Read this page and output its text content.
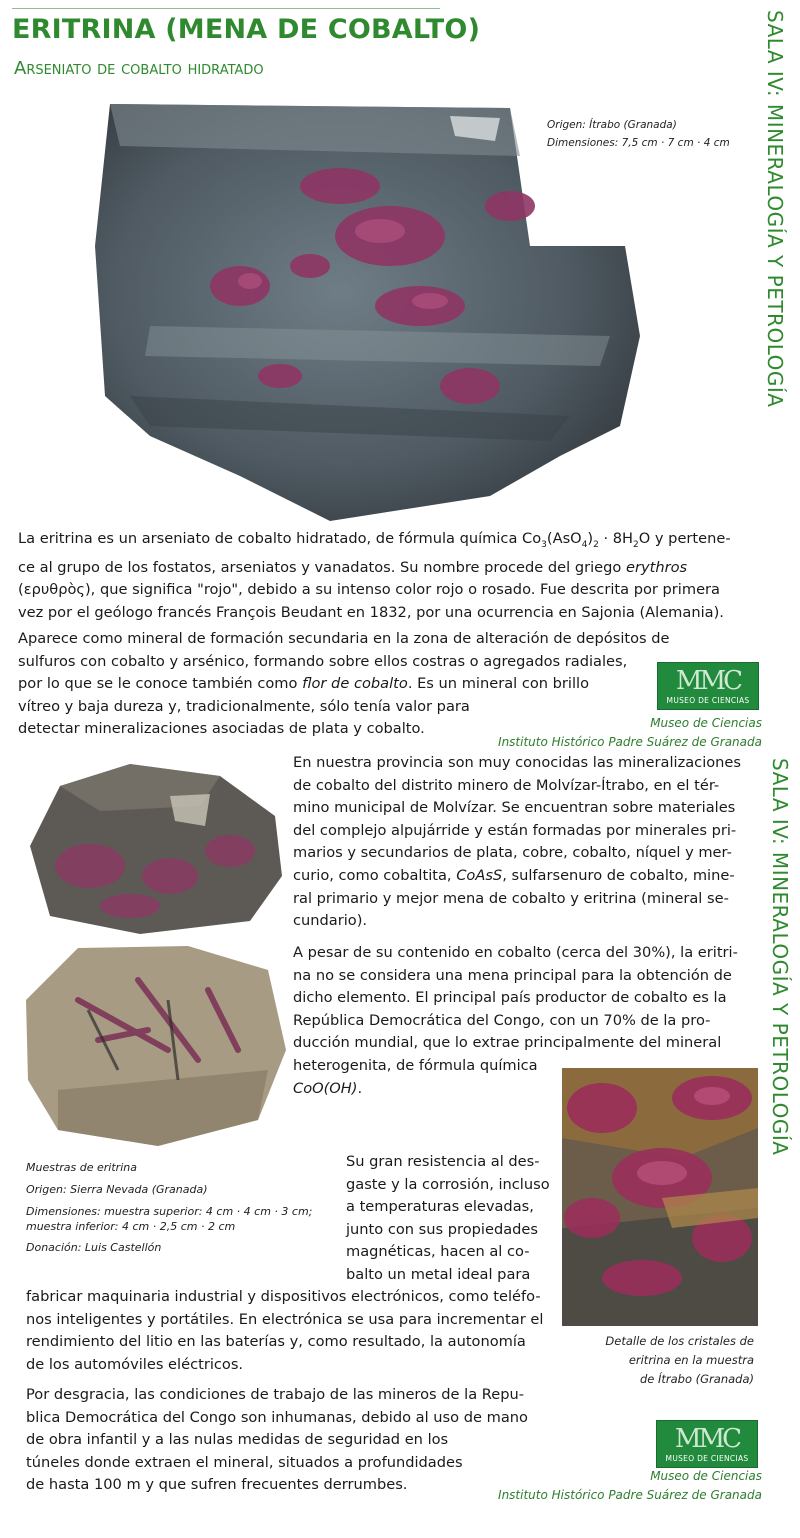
ERITRINA (MENA DE COBALTO)
Arseniato de cobalto hidratado	SALA IV: MINERALOGÍA Y PETROLOGÍA
SALA IV: MINERALOGÍA Y PETROLOGÍA
Origen: Ítrabo (Granada)
Dimensiones: 7,5 cm · 7 cm · 4 cm
La eritrina es un arseniato de cobalto hidratado, de fórmula química $Co_3(AsO_4)_2 \cdot 8H_2O$ y pertene-
ce al grupo de los fostatos, arseniatos y vanadatos. Su nombre procede del griego erythros
(ερυθρὸς), que significa "rojo", debido a su intenso color rojo o rosado. Fue descrita por primera
vez por el geólogo francés François Beudant en 1832, por una ocurrencia en Sajonia (Alemania).
Aparece como mineral de formación secundaria en la zona de alteración de depósitos de
sulfuros con cobalto y arsénico, formando sobre ellos costras o agregados radiales,
por lo que se le conoce también como flor de cobalto. Es un mineral con brillo
vítreo y baja dureza y, tradicionalmente, sólo tenía valor para
detectar mineralizaciones asociadas de plata y cobalto.
MMC
MUSEO DE CIENCIAS
Museo de Ciencias
Instituto Histórico Padre Suárez de Granada
En nuestra provincia son muy conocidas las mineralizaciones
de cobalto del distrito minero de Molvízar-Ítrabo, en el tér-
mino municipal de Molvízar. Se encuentran sobre materiales
del complejo alpujárride y están formadas por minerales pri-
marios y secundarios de plata, cobre, cobalto, níquel y mer-
curio, como cobaltita, CoAsS, sulfarsenuro de cobalto, mine-
ral primario y mejor mena de cobalto y eritrina (mineral se-
cundario).
A pesar de su contenido en cobalto (cerca del 30%), la eritri-
na no se considera una mena principal para la obtención de
dicho elemento. El principal país productor de cobalto es la
República Democrática del Congo, con un 70% de la pro-
ducción mundial, que lo extrae principalmente del mineral
heterogenita, de fórmula química
CoO(OH).
Muestras de eritrina
Origen: Sierra Nevada (Granada)
Dimensiones: muestra superior: 4 cm · 4 cm · 3 cm;
muestra inferior: 4 cm · 2,5 cm · 2 cm
Donación: Luis Castellón
Su gran resistencia al des-
gaste y la corrosión, incluso
a temperaturas elevadas,
junto con sus propiedades
magnéticas, hacen al co-
balto un metal ideal para
fabricar maquinaria industrial y dispositivos electrónicos, como teléfo-
nos inteligentes y portátiles. En electrónica se usa para incrementar el
rendimiento del litio en las baterías y, como resultado, la autonomía
de los automóviles eléctricos.
Detalle de los cristales de
eritrina en la muestra
de Ítrabo (Granada)
Por desgracia, las condiciones de trabajo de las mineros de la Repu-
blica Democrática del Congo son inhumanas, debido al uso de mano
de obra infantil y a las nulas medidas de seguridad en los
túneles donde extraen el mineral, situados a profundidades
de hasta 100 m y que sufren frecuentes derrumbes.
MMC
MUSEO DE CIENCIAS
Museo de Ciencias
Instituto Histórico Padre Suárez de Granada
